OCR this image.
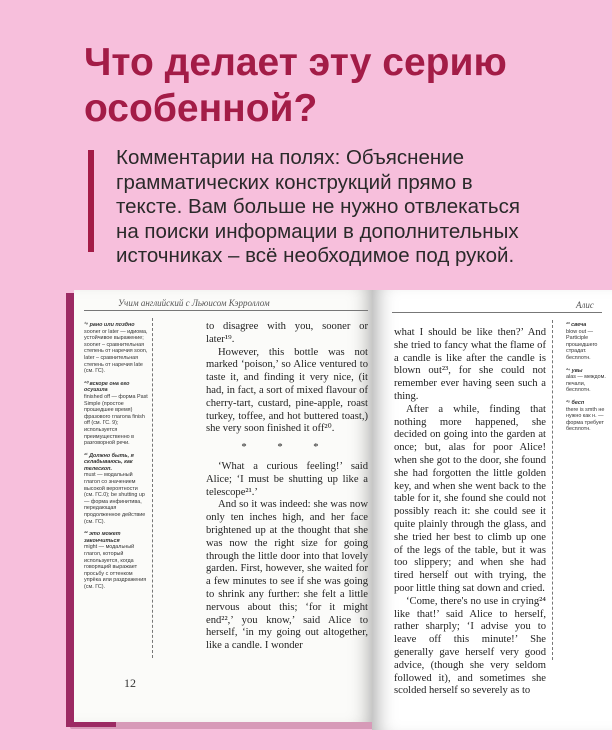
Что делает эту серию
особенной?

Комментарии на полях: Объяснение
грамматических конструкций прямо в
тексте. Вам больше не нужно отвлекаться
на поиски информации в дополнительных
источниках – всё необходимое под рукой.

Учим английский с Льюисом Кэрроллом	Алис
¹⁹ рано или поздно
sooner or later — идиома, устойчивое выражение; sooner – сравнительная степень от наречия soon, later – сравнительная степень от наречия late (см. ГС).
²⁰ вскоре она его осушила
finished off — форма Past Simple (простое прошедшее время) фразового глагола finish off (см. ГС. 9); используется преимущественно в разговорной речи.
²¹ Должно быть, я складываюсь, как телескоп.
must — модальный глагол со значением высокой вероятности (см. ГС.0); be shutting up — форма инфинитива, передающая продолженное действие (см. ГС).
²² это может закончиться
might — модальный глагол, который используется, когда говорящий выражает просьбу с оттенком упрёка или раздражения (см. ГС).

to disagree with you, sooner or later¹⁹.

However, this bottle was not marked ‘poison,’ so Alice ventured to taste it, and finding it very nice, (it had, in fact, a sort of mixed flavour of cherry-tart, custard, pine-apple, roast turkey, toffee, and hot buttered toast,) she very soon finished it off²⁰.

* * *

‘What a curious feeling!’ said Alice; ‘I must be shutting up like a telescope²¹.’

And so it was indeed: she was now only ten inches high, and her face brightened up at the thought that she was now the right size for going through the little door into that lovely garden. First, however, she waited for a few minutes to see if she was going to shrink any further: she felt a little nervous about this; ‘for it might end²²,’ you know,’ said Alice to herself, ‘in my going out altogether, like a candle. I wonder

what I should be like then?’ And she tried to fancy what the flame of a candle is like after the candle is blown out²³, for she could not remember ever having seen such a thing.

After a while, finding that nothing more happened, she decided on going into the garden at once; but, alas for poor Alice! when she got to the door, she found she had forgotten the little golden key, and when she went back to the table for it, she found she could not possibly reach it: she could see it quite plainly through the glass, and she tried her best to climb up one of the legs of the table, but it was too slippery; and when she had tired herself out with trying, the poor little thing sat down and cried.

‘Come, there's no use in crying²⁴ like that!’ said Alice to herself, rather sharply; ‘I advise you to leave off this minute!’ She generally gave herself very good advice, (though she very seldom followed it), and sometimes she scolded herself so severely as to

²³ свеча
blow out — Participle прошедшего страдат. бесплотн.
²⁴ увы
alas — междом. печали, бесплотн.
²⁵ бесп
there is smth не нужно как н. — форма требует бесплотн.
12
